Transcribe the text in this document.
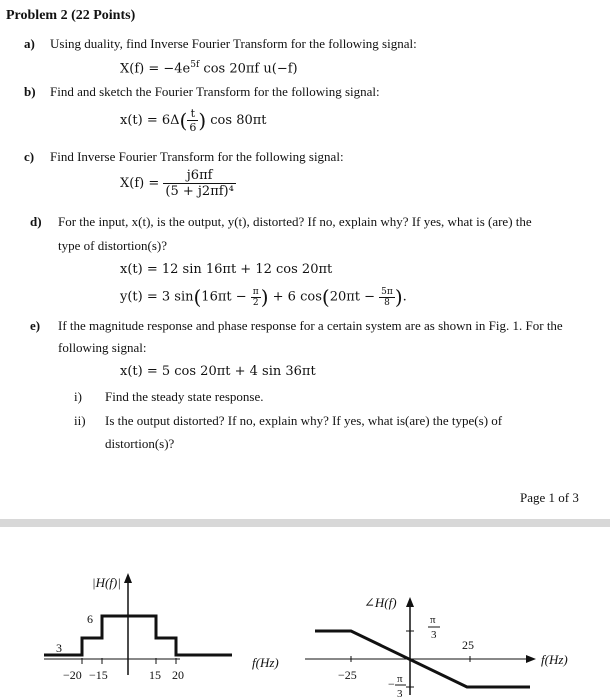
Problem 2 (22 Points)
a) Using duality, find Inverse Fourier Transform for the following signal:
$X(f) = -4e^{5f}$ cos 20πf u(−f)
b) Find and sketch the Fourier Transform for the following signal:
$x(t) = 6\Delta( \frac{t}{6}$ ) cos 80πt
c) Find Inverse Fourier Transform for the following signal:
$X(f) = \frac{j6\pi f}{\text{(5 + j2πf)⁴}}$
d) For the input, x(t), is the output, y(t), distorted? If no, explain why? If yes, what is (are) the
type of distortion(s)?
x(t) = 12 sin 16πt + 12 cos 20πt
y(t) = 3 $\sin(16\pi t - \frac{\pi}{2}$ ) + 6 $\cos(20\pi t - \frac{5\pi}{8}$ ).
e) If the magnitude response and phase response for a certain system are as shown in Fig. 1. For the
following signal:
x(t) = 5 cos 20πt + 4 sin 36πt
i) Find the steady state response.
ii) Is the output distorted? If no, explain why? If yes, what is(are) the type(s) of
distortion(s)?
Page 1 of 3
|H(f)|
6
3
−20 −15	15 20
f(Hz)
∠H(f)
π
3
25
−25
− π
3
f(Hz)
